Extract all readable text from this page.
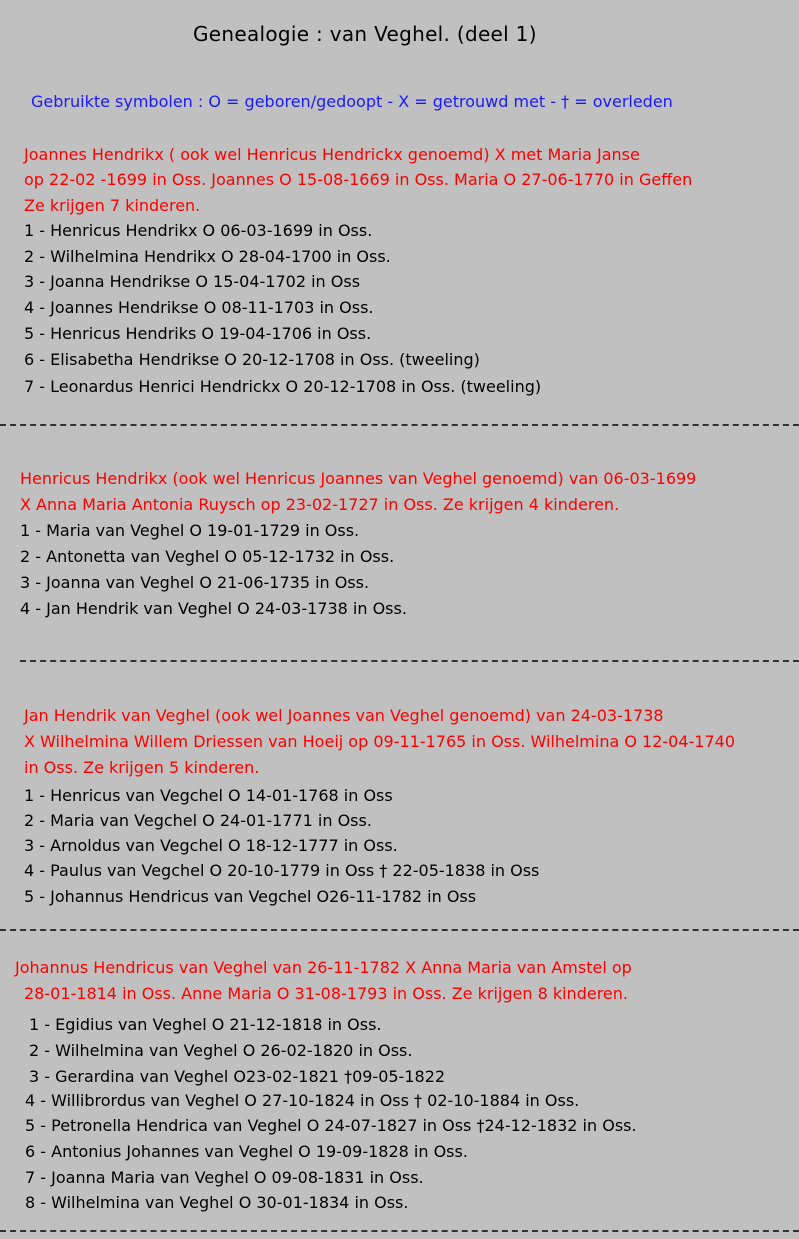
Genealogie : van Veghel. (deel 1)
Gebruikte symbolen : O = geboren/gedoopt - X = getrouwd met - † = overleden
Joannes Hendrikx ( ook wel Henricus Hendrickx genoemd) X met Maria Janse
op 22-02 -1699 in Oss. Joannes O 15-08-1669 in Oss. Maria O 27-06-1770 in Geffen
Ze krijgen 7 kinderen.
1 - Henricus Hendrikx O 06-03-1699 in Oss.
2 - Wilhelmina Hendrikx O 28-04-1700 in Oss.
3 - Joanna Hendrikse O 15-04-1702 in Oss
4 - Joannes Hendrikse O 08-11-1703 in Oss.
5 - Henricus Hendriks O 19-04-1706 in Oss.
6 - Elisabetha Hendrikse O 20-12-1708 in Oss. (tweeling)
7 - Leonardus Henrici Hendrickx O 20-12-1708 in Oss. (tweeling)
Henricus Hendrikx (ook wel Henricus Joannes van Veghel genoemd) van 06-03-1699
X Anna Maria Antonia Ruysch op 23-02-1727 in Oss. Ze krijgen 4 kinderen.
1 - Maria van Veghel O 19-01-1729 in Oss.
2 - Antonetta van Veghel O 05-12-1732 in Oss.
3 - Joanna van Veghel O 21-06-1735 in Oss.
4 - Jan Hendrik van Veghel O 24-03-1738 in Oss.
Jan Hendrik van Veghel (ook wel Joannes van Veghel genoemd) van 24-03-1738
X Wilhelmina Willem Driessen van Hoeij op 09-11-1765 in Oss. Wilhelmina O 12-04-1740
in Oss. Ze krijgen 5 kinderen.
1 - Henricus van Vegchel O 14-01-1768 in Oss
2 - Maria van Vegchel O 24-01-1771 in Oss.
3 - Arnoldus van Vegchel O 18-12-1777 in Oss.
4 - Paulus van Vegchel O 20-10-1779 in Oss † 22-05-1838 in Oss
5 - Johannus Hendricus van Vegchel O26-11-1782 in Oss
Johannus Hendricus van Veghel van 26-11-1782 X Anna Maria van Amstel op
28-01-1814 in Oss. Anne Maria O 31-08-1793 in Oss. Ze krijgen 8 kinderen.
1 - Egidius van Veghel O 21-12-1818 in Oss.
2 - Wilhelmina van Veghel O 26-02-1820 in Oss.
3 - Gerardina van Veghel O23-02-1821 †09-05-1822
4 - Willibrordus van Veghel O 27-10-1824 in Oss † 02-10-1884 in Oss.
5 - Petronella Hendrica van Veghel O 24-07-1827 in Oss †24-12-1832 in Oss.
6 - Antonius Johannes van Veghel O 19-09-1828 in Oss.
7 - Joanna Maria van Veghel O 09-08-1831 in Oss.
8 - Wilhelmina van Veghel O 30-01-1834 in Oss.
